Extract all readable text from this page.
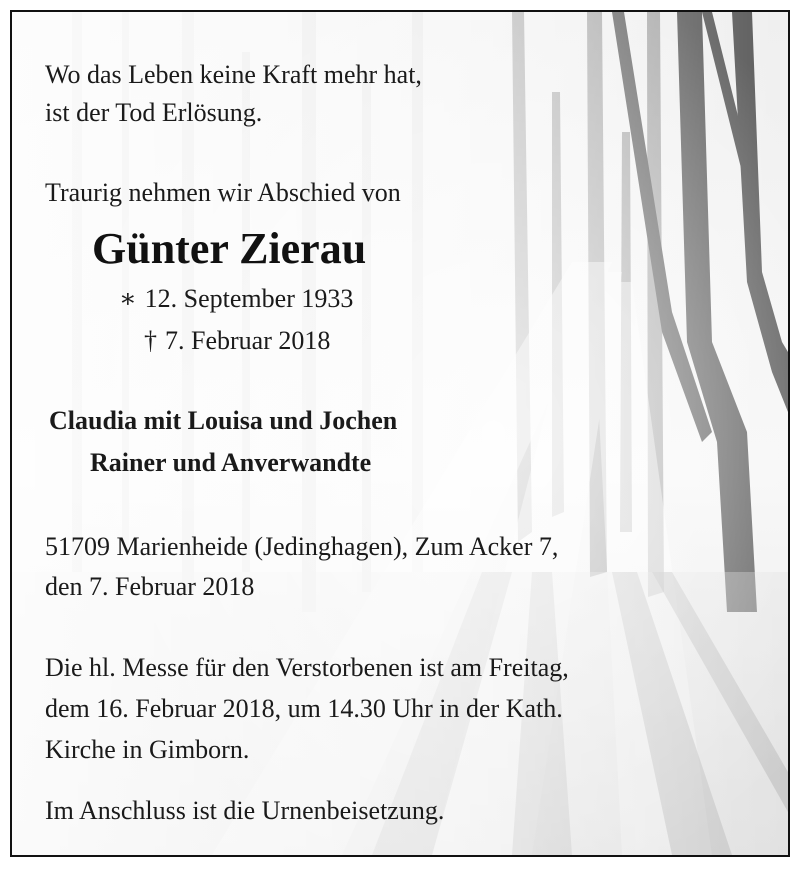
Wo das Leben keine Kraft mehr hat,
ist der Tod Erlösung.
Traurig nehmen wir Abschied von
Günter Zierau
∗ 12. September 1933
† 7. Februar 2018
Claudia mit Louisa und Jochen
Rainer und Anverwandte
51709 Marienheide (Jedinghagen), Zum Acker 7,
den 7. Februar 2018
Die hl. Messe für den Verstorbenen ist am Freitag,
dem 16. Februar 2018, um 14.30 Uhr in der Kath.
Kirche in Gimborn.
Im Anschluss ist die Urnenbeisetzung.
